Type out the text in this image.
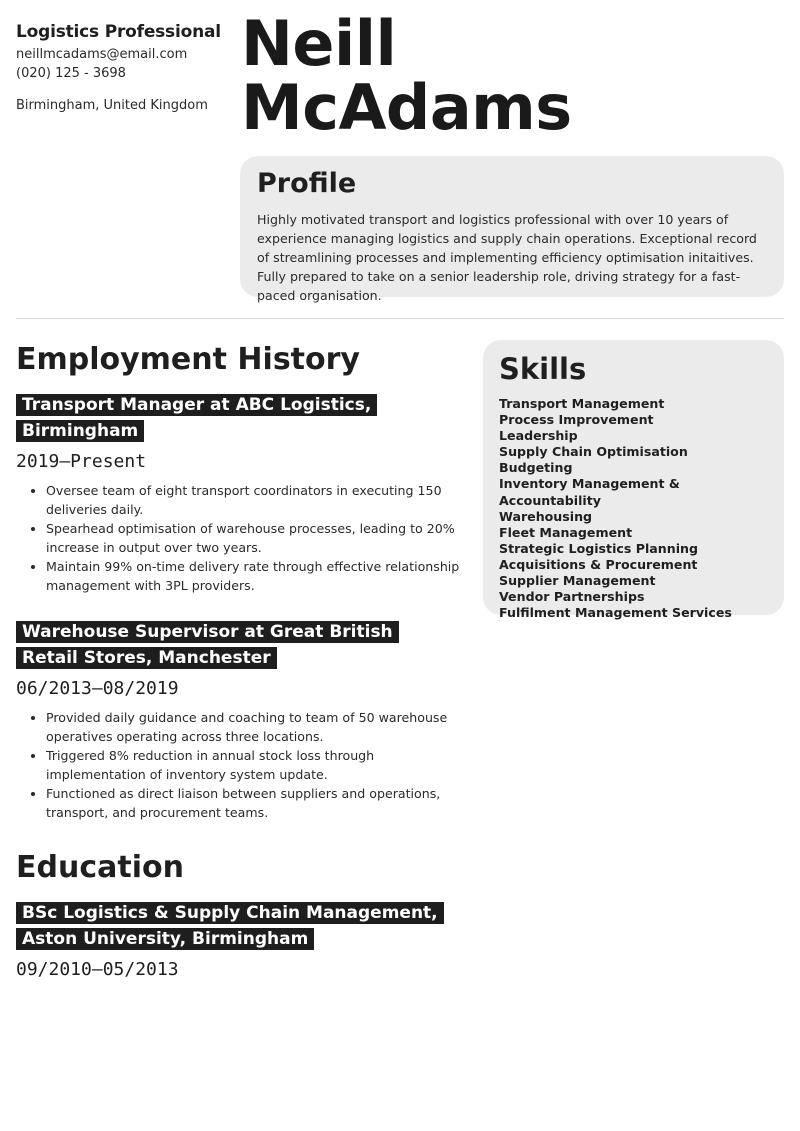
Logistics Professional
neillmcadams@email.com
(020) 125 - 3698
Birmingham, United Kingdom
Neill
McAdams
Profile

Highly motivated transport and logistics professional with over 10 years of experience managing logistics and supply chain operations. Exceptional record of streamlining processes and implementing efficiency optimisation initaitives. Fully prepared to take on a senior leadership role, driving strategy for a fast-paced organisation.

Employment History
Transport Manager at ABC Logistics, Birmingham
2019—Present
• Oversee team of eight transport coordinators in executing 150 deliveries daily.
• Spearhead optimisation of warehouse processes, leading to 20% increase in output over two years.
• Maintain 99% on-time delivery rate through effective relationship management with 3PL providers.
Warehouse Supervisor at Great British Retail Stores, Manchester
06/2013—08/2019
• Provided daily guidance and coaching to team of 50 warehouse operatives operating across three locations.
• Triggered 8% reduction in annual stock loss through implementation of inventory system update.
• Functioned as direct liaison between suppliers and operations, transport, and procurement teams.
Education
BSc Logistics & Supply Chain Management, Aston University, Birmingham
09/2010—05/2013
Skills
Transport Management
Process Improvement
Leadership
Supply Chain Optimisation
Budgeting
Inventory Management & Accountability
Warehousing
Fleet Management
Strategic Logistics Planning
Acquisitions & Procurement
Supplier Management
Vendor Partnerships
Fulfilment Management Services
